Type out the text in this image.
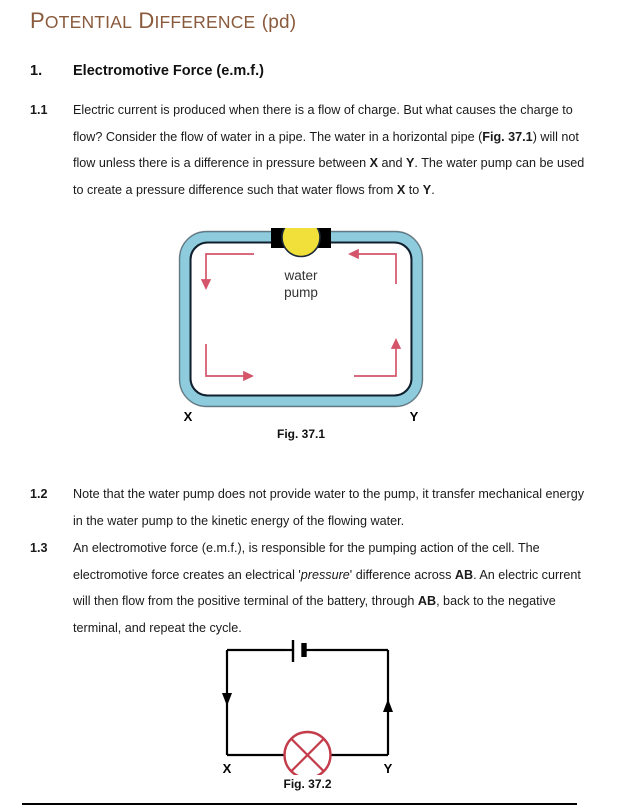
POTENTIAL DIFFERENCE (pd)
1. Electromotive Force (e.m.f.)
1.1 Electric current is produced when there is a flow of charge. But what causes the charge to flow? Consider the flow of water in a pipe. The water in a horizontal pipe (Fig. 37.1) will not flow unless there is a difference in pressure between X and Y. The water pump can be used to create a pressure difference such that water flows from X to Y.
water
pump
X	Y
Fig. 37.1
1.2 Note that the water pump does not provide water to the pump, it transfer mechanical energy in the water pump to the kinetic energy of the flowing water.
1.3 An electromotive force (e.m.f.), is responsible for the pumping action of the cell. The electromotive force creates an electrical 'pressure' difference across AB. An electric current will then flow from the positive terminal of the battery, through AB, back to the negative terminal, and repeat the cycle.
X	Y
Fig. 37.2
